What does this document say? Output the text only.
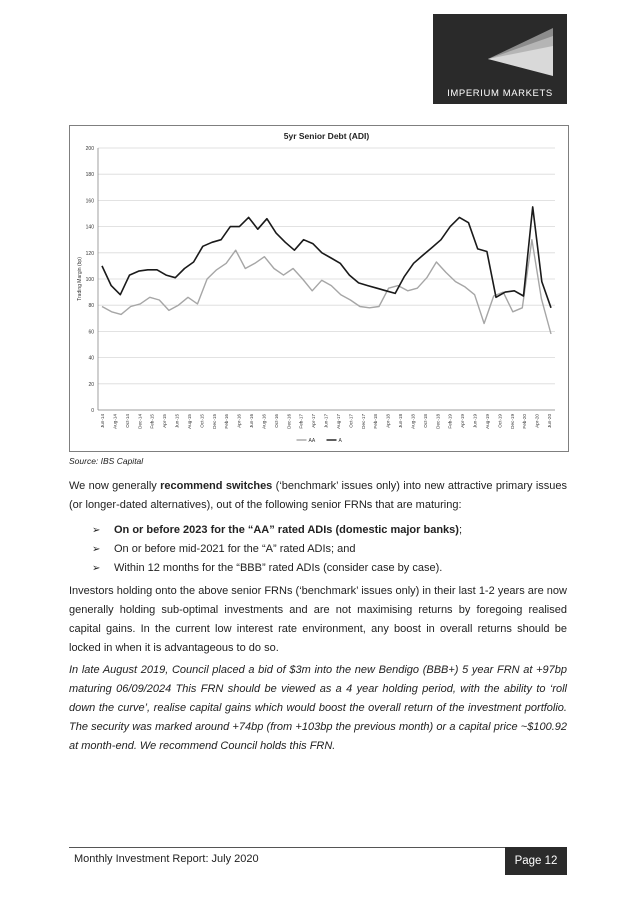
IMPERIUM MARKETS
5yr Senior Debt (ADI)
0
20
40
60
80
100
120
140
160
180
200
Trading Margin (bp)
Jun-14 Aug-14 Oct-14 Dec-14 Feb-15 Apr-15 Jun-15 Aug-15 Oct-15 Dec-15 Feb-16 Apr-16 Jun-16 Aug-16 Oct-16 Dec-16 Feb-17 Apr-17 Jun-17 Aug-17 Oct-17 Dec-17 Feb-18 Apr-18 Jun-18 Aug-18 Oct-18 Dec-18 Feb-19 Apr-19 Jun-19 Aug-19 Oct-19 Dec-19 Feb-20 Apr-20 Jun-20
AA	A
Source: IBS Capital

We now generally recommend switches (‘benchmark’ issues only) into new attractive primary issues (or longer-dated alternatives), out of the following senior FRNs that are maturing:

➢ On or before 2023 for the “AA” rated ADIs (domestic major banks);
➢ On or before mid-2021 for the “A” rated ADIs; and
➢ Within 12 months for the “BBB” rated ADIs (consider case by case).

Investors holding onto the above senior FRNs (‘benchmark’ issues only) in their last 1-2 years are now generally holding sub-optimal investments and are not maximising returns by foregoing realised capital gains. In the current low interest rate environment, any boost in overall returns should be locked in when it is advantageous to do so.

In late August 2019, Council placed a bid of $3m into the new Bendigo (BBB+) 5 year FRN at +97bp maturing 06/09/2024 This FRN should be viewed as a 4 year holding period, with the ability to ‘roll down the curve’, realise capital gains which would boost the overall return of the investment portfolio. The security was marked around +74bp (from +103bp the previous month) or a capital price ~$100.92 at month-end. We recommend Council holds this FRN.

Monthly Investment Report: July 2020	Page 12
